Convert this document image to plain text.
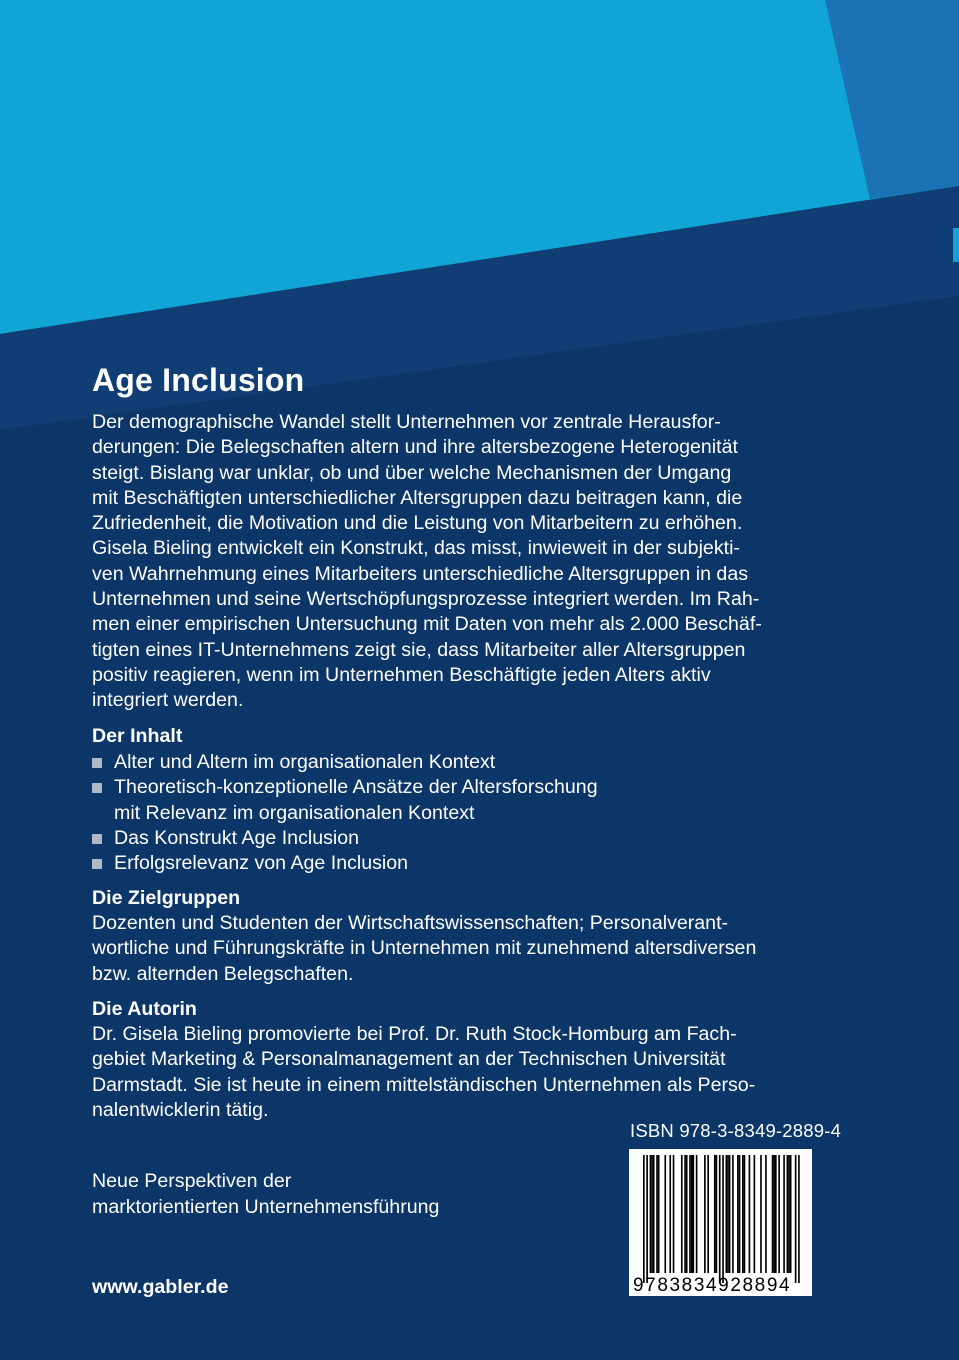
Age Inclusion
Der demographische Wandel stellt Unternehmen vor zentrale Herausfor-
derungen: Die Belegschaften altern und ihre altersbezogene Heterogenität
steigt. Bislang war unklar, ob und über welche Mechanismen der Umgang
mit Beschäftigten unterschiedlicher Altersgruppen dazu beitragen kann, die
Zufriedenheit, die Motivation und die Leistung von Mitarbeitern zu erhöhen.
Gisela Bieling entwickelt ein Konstrukt, das misst, inwieweit in der subjekti-
ven Wahrnehmung eines Mitarbeiters unterschiedliche Altersgruppen in das
Unternehmen und seine Wertschöpfungsprozesse integriert werden. Im Rah-
men einer empirischen Untersuchung mit Daten von mehr als 2.000 Beschäf-
tigten eines IT-Unternehmens zeigt sie, dass Mitarbeiter aller Altersgruppen
positiv reagieren, wenn im Unternehmen Beschäftigte jeden Alters aktiv
integriert werden.
Der Inhalt
Alter und Altern im organisationalen Kontext
Theoretisch-konzeptionelle Ansätze der Altersforschung
mit Relevanz im organisationalen Kontext
Das Konstrukt Age Inclusion
Erfolgsrelevanz von Age Inclusion
Die Zielgruppen
Dozenten und Studenten der Wirtschaftswissenschaften; Personalverant-
wortliche und Führungskräfte in Unternehmen mit zunehmend altersdiversen
bzw. alternden Belegschaften.
Die Autorin
Dr. Gisela Bieling promovierte bei Prof. Dr. Ruth Stock-Homburg am Fach-
gebiet Marketing & Personalmanagement an der Technischen Universität
Darmstadt. Sie ist heute in einem mittelständischen Unternehmen als Perso-
nalentwicklerin tätig.
ISBN 978-3-8349-2889-4
9783834928894
Neue Perspektiven der
marktorientierten Unternehmensführung
www.gabler.de
